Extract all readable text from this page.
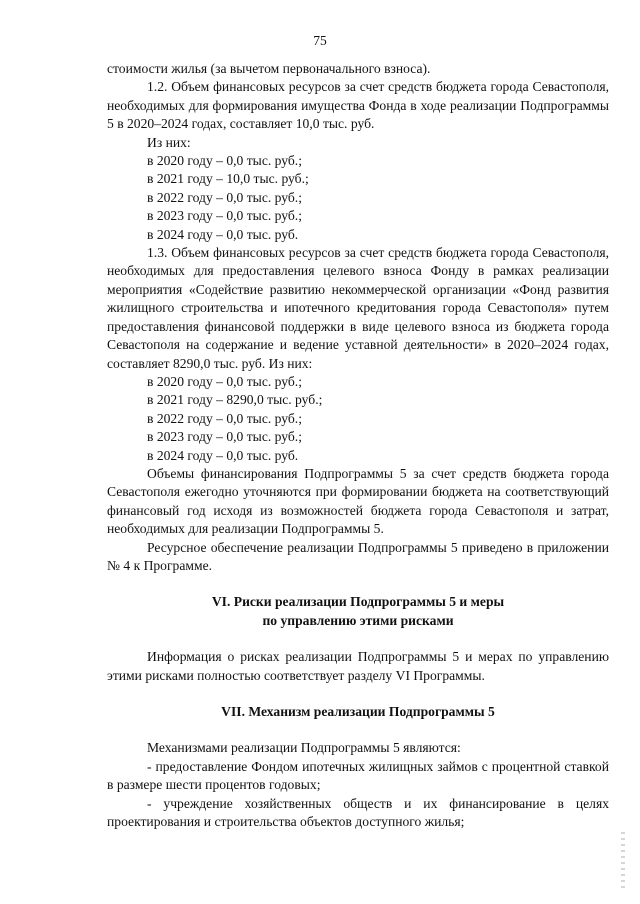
75

стоимости жилья (за вычетом первоначального взноса).

1.2. Объем финансовых ресурсов за счет средств бюджета города Севастополя, необходимых для формирования имущества Фонда в ходе реализации Подпрограммы 5 в 2020–2024 годах, составляет 10,0 тыс. руб.

Из них:

в 2020 году – 0,0 тыс. руб.;

в 2021 году – 10,0 тыс. руб.;

в 2022 году – 0,0 тыс. руб.;

в 2023 году – 0,0 тыс. руб.;

в 2024 году – 0,0 тыс. руб.

1.3. Объем финансовых ресурсов за счет средств бюджета города Севастополя, необходимых для предоставления целевого взноса Фонду в рамках реализации мероприятия «Содействие развитию некоммерческой организации «Фонд развития жилищного строительства и ипотечного кредитования города Севастополя» путем предоставления финансовой поддержки в виде целевого взноса из бюджета города Севастополя на содержание и ведение уставной деятельности» в 2020–2024 годах, составляет 8290,0 тыс. руб. Из них:

в 2020 году – 0,0 тыс. руб.;

в 2021 году – 8290,0 тыс. руб.;

в 2022 году – 0,0 тыс. руб.;

в 2023 году – 0,0 тыс. руб.;

в 2024 году – 0,0 тыс. руб.

Объемы финансирования Подпрограммы 5 за счет средств бюджета города Севастополя ежегодно уточняются при формировании бюджета на соответствующий финансовый год исходя из возможностей бюджета города Севастополя и затрат, необходимых для реализации Подпрограммы 5.

Ресурсное обеспечение реализации Подпрограммы 5 приведено в приложении № 4 к Программе.

VI. Риски реализации Подпрограммы 5 и меры

по управлению этими рисками

Информация о рисках реализации Подпрограммы 5 и мерах по управлению этими рисками полностью соответствует разделу VI Программы.

VII. Механизм реализации Подпрограммы 5

Механизмами реализации Подпрограммы 5 являются:

- предоставление Фондом ипотечных жилищных займов с процентной ставкой в размере шести процентов годовых;

- учреждение хозяйственных обществ и их финансирование в целях проектирования и строительства объектов доступного жилья;
